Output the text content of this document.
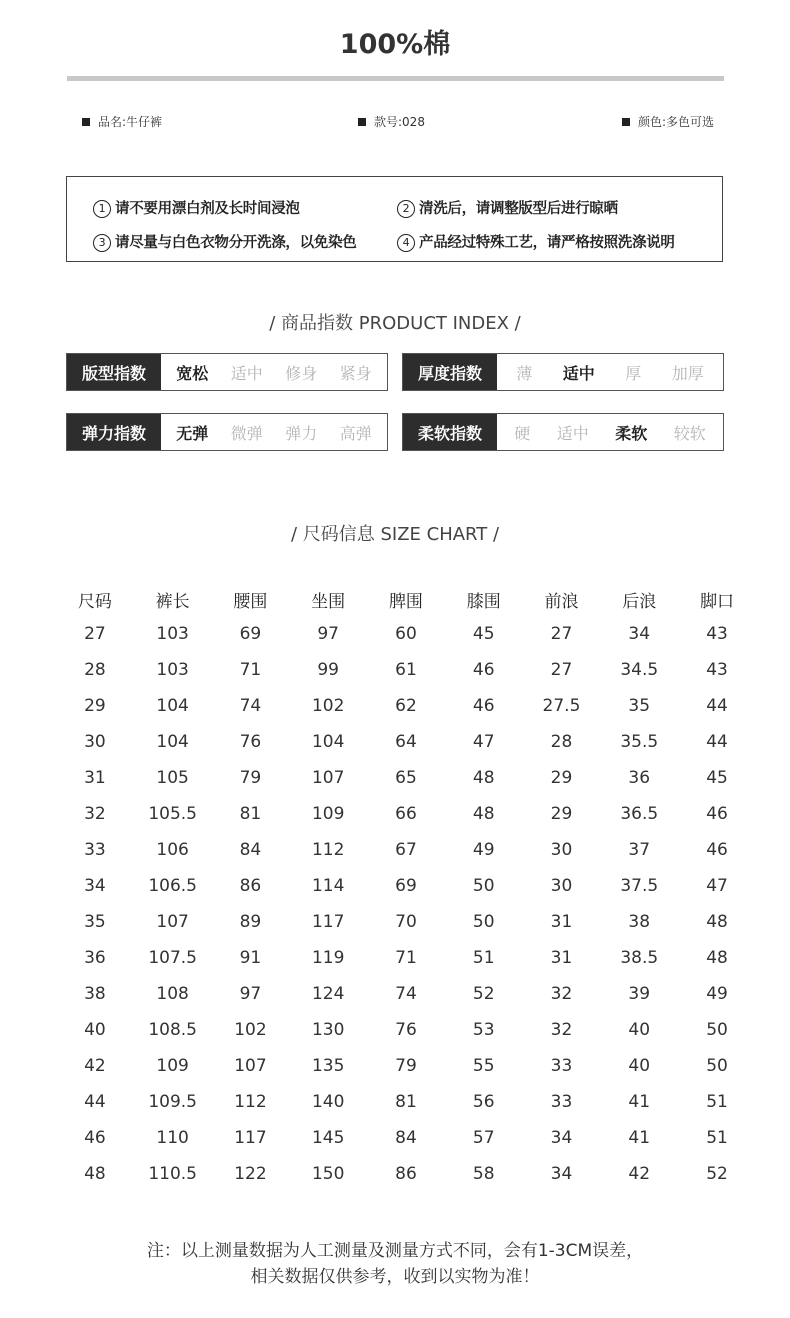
100%棉
品名:牛仔裤	款号:028	颜色:多色可选
1 请不要用漂白剂及长时间浸泡	2 清洗后，请调整版型后进行晾晒
3 请尽量与白色衣物分开洗涤，以免染色	4 产品经过特殊工艺，请严格按照洗涤说明
/ 商品指数 PRODUCT INDEX /
版型指数	宽松 适中 修身 紧身	厚度指数	薄 适中 厚 加厚
弹力指数	无弹 微弹 弹力 高弹	柔软指数	硬 适中 柔软 较软
/ 尺码信息 SIZE CHART /
尺码	裤长	腰围	坐围	脾围	膝围	前浪	后浪	脚口
27	103	69	97	60	45	27	34	43
28	103	71	99	61	46	27	34.5	43
29	104	74	102	62	46	27.5	35	44
30	104	76	104	64	47	28	35.5	44
31	105	79	107	65	48	29	36	45
32	105.5	81	109	66	48	29	36.5	46
33	106	84	112	67	49	30	37	46
34	106.5	86	114	69	50	30	37.5	47
35	107	89	117	70	50	31	38	48
36	107.5	91	119	71	51	31	38.5	48
38	108	97	124	74	52	32	39	49
40	108.5	102	130	76	53	32	40	50
42	109	107	135	79	55	33	40	50
44	109.5	112	140	81	56	33	41	51
46	110	117	145	84	57	34	41	51
48	110.5	122	150	86	58	34	42	52
注：以上测量数据为人工测量及测量方式不同，会有1-3CM误差，
相关数据仅供参考，收到以实物为准！
